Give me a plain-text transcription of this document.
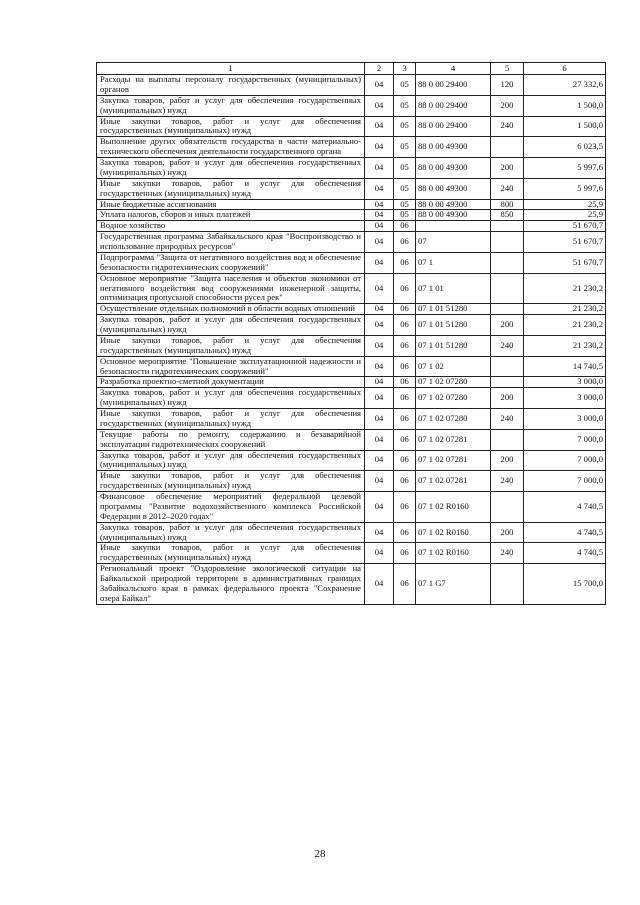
1	2	3	4	5	6
Расходы на выплаты персоналу государственных (муниципальных) органов	04	05	88 0 00 29400	120	27 332,6
Закупка товаров, работ и услуг для обеспечения государственных (муниципальных) нужд	04	05	88 0 00 29400	200	1 500,0
Иные закупки товаров, работ и услуг для обеспечения государственных (муниципальных) нужд	04	05	88 0 00 29400	240	1 500,0
Выполнение других обязательств государства в части материально-технического обеспечения деятельности государственного органа	04	05	88 0 00 49300		6 023,5
Закупка товаров, работ и услуг для обеспечения государственных (муниципальных) нужд	04	05	88 0 00 49300	200	5 997,6
Иные закупки товаров, работ и услуг для обеспечения государственных (муниципальных) нужд	04	05	88 0 00 49300	240	5 997,6
Иные бюджетные ассигнования	04	05	88 0 00 49300	800	25,9
Уплата налогов, сборов и иных платежей	04	05	88 0 00 49300	850	25,9
Водное хозяйство	04	06			51 670,7
Государственная программа Забайкальского края "Воспроизводство и использование природных ресурсов"	04	06	07		51 670,7
Подпрограмма "Защита от негативного воздействия вод и обеспечение безопасности гидротехнических сооружений"	04	06	07 1		51 670,7
Основное мероприятие "Защита населения и объектов экономики от негативного воздействия вод сооружениями инженерной защиты, оптимизация пропускной способности русел рек"	04	06	07 1 01		21 230,2
Осуществление отдельных полномочий в области водных отношений	04	06	07 1 01 51280		21 230,2
Закупка товаров, работ и услуг для обеспечения государственных (муниципальных) нужд	04	06	07 1 01 51280	200	21 230,2
Иные закупки товаров, работ и услуг для обеспечения государственных (муниципальных) нужд	04	06	07 1 01 51280	240	21 230,2
Основное мероприятие "Повышение эксплуатационной надежности и безопасности гидротехнических сооружений"	04	06	07 1 02		14 740,5
Разработка проектно-сметной документации	04	06	07 1 02 07280		3 000,0
Закупка товаров, работ и услуг для обеспечения государственных (муниципальных) нужд	04	06	07 1 02 07280	200	3 000,0
Иные закупки товаров, работ и услуг для обеспечения государственных (муниципальных) нужд	04	06	07 1 02 07280	240	3 000,0
Текущие работы по ремонту, содержанию и безаварийной эксплуатации гидротехнических сооружений	04	06	07 1 02 07281		7 000,0
Закупка товаров, работ и услуг для обеспечения государственных (муниципальных) нужд	04	06	07 1 02 07281	200	7 000,0
Иные закупки товаров, работ и услуг для обеспечения государственных (муниципальных) нужд	04	06	07 1 02 07281	240	7 000,0
Финансовое обеспечение мероприятий федеральной целевой программы "Развитие водохозяйственного комплекса Российской Федерации в 2012–2020 годах"	04	06	07 1 02 R0160		4 740,5
Закупка товаров, работ и услуг для обеспечения государственных (муниципальных) нужд	04	06	07 1 02 R0160	200	4 740,5
Иные закупки товаров, работ и услуг для обеспечения государственных (муниципальных) нужд	04	06	07 1 02 R0160	240	4 740,5
Региональный проект "Оздоровление экологической ситуации на Байкальской природной территории в административных границах Забайкальского края в рамках федерального проекта "Сохранение озера Байкал"	04	06	07 1 G7		15 700,0
28
